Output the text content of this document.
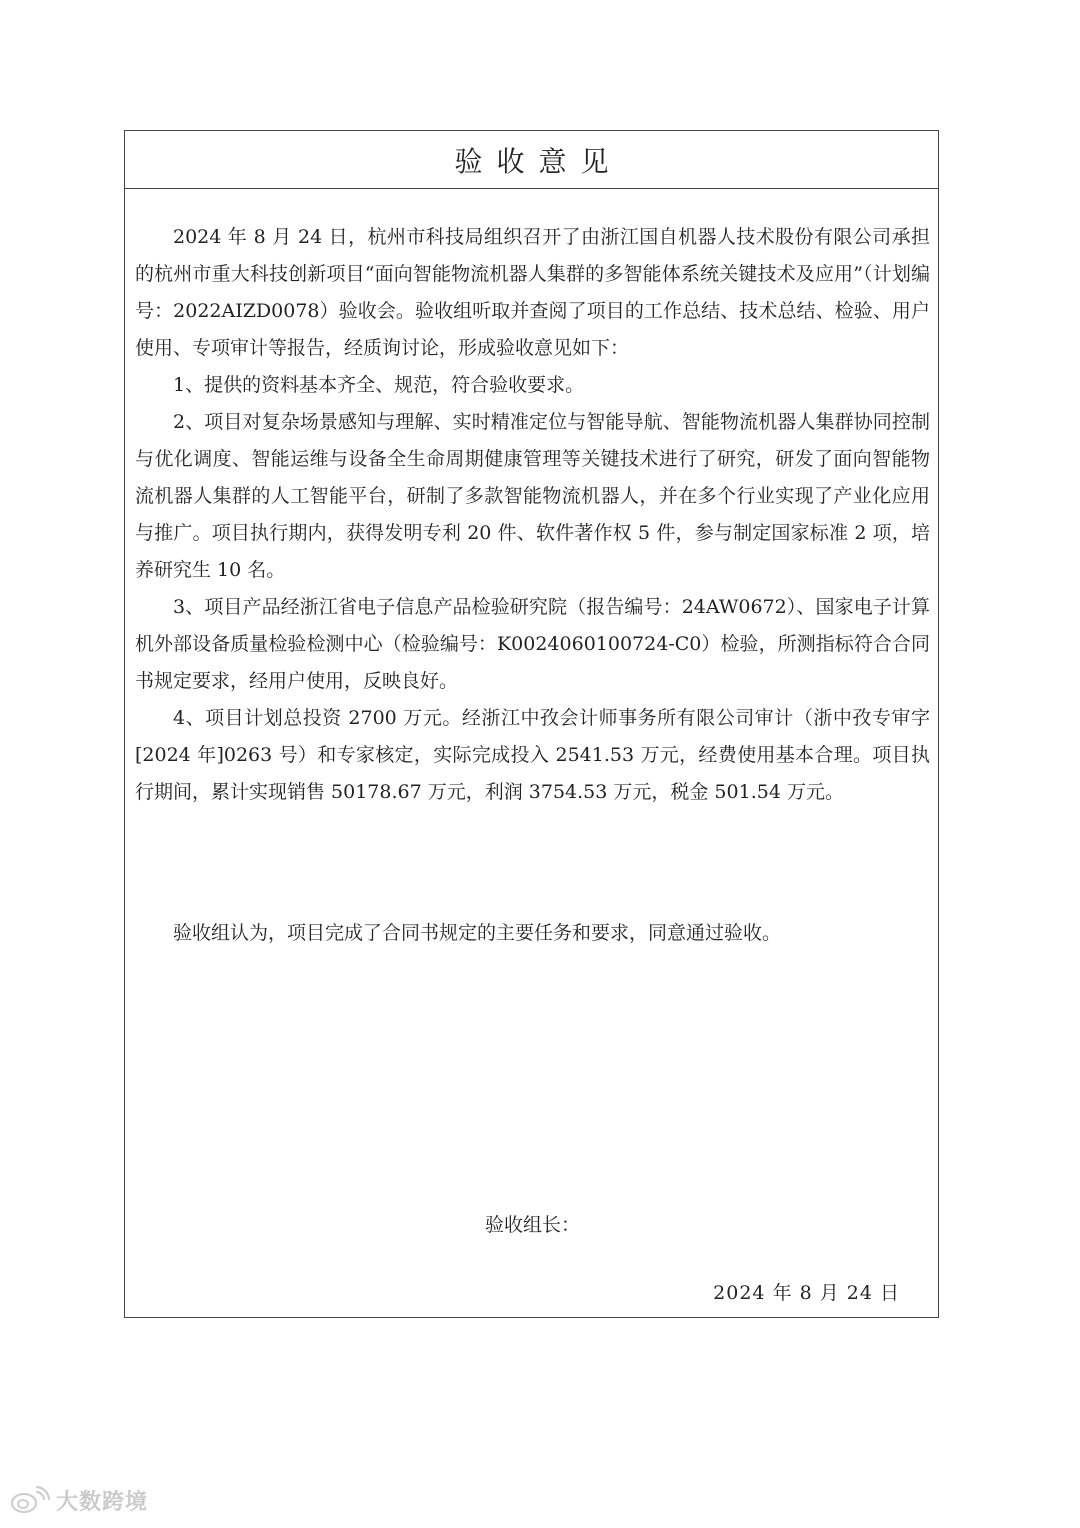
验收意见

2024 年 8 月 24 日，杭州市科技局组织召开了由浙江国自机器人技术股份有限公司承担的杭州市重大科技创新项目“面向智能物流机器人集群的多智能体系统关键技术及应用”（计划编号：2022AIZD0078）验收会。验收组听取并查阅了项目的工作总结、技术总结、检验、用户使用、专项审计等报告，经质询讨论，形成验收意见如下：

1、提供的资料基本齐全、规范，符合验收要求。

2、项目对复杂场景感知与理解、实时精准定位与智能导航、智能物流机器人集群协同控制与优化调度、智能运维与设备全生命周期健康管理等关键技术进行了研究，研发了面向智能物流机器人集群的人工智能平台，研制了多款智能物流机器人，并在多个行业实现了产业化应用与推广。项目执行期内，获得发明专利 20 件、软件著作权 5 件，参与制定国家标准 2 项，培养研究生 10 名。

3、项目产品经浙江省电子信息产品检验研究院（报告编号：24AW0672）、国家电子计算机外部设备质量检验检测中心（检验编号：K0024060100724-C0）检验，所测指标符合合同书规定要求，经用户使用，反映良好。

4、项目计划总投资 2700 万元。经浙江中孜会计师事务所有限公司审计（浙中孜专审字[2024 年]0263 号）和专家核定，实际完成投入 2541.53 万元，经费使用基本合理。项目执行期间，累计实现销售 50178.67 万元，利润 3754.53 万元，税金 501.54 万元。

验收组认为，项目完成了合同书规定的主要任务和要求，同意通过验收。
验收组长：
2024 年 8 月 24 日
大数跨境
